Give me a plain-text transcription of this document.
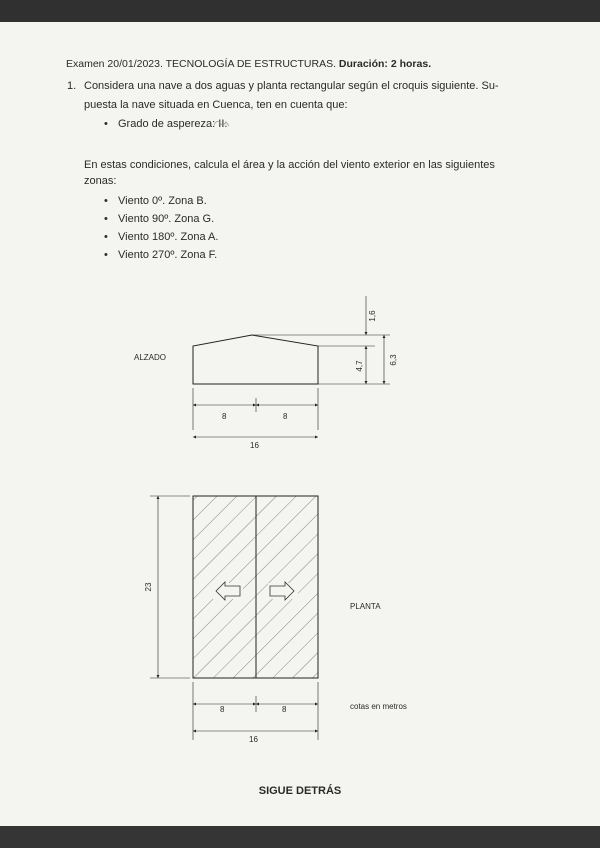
Examen 20/01/2023. TECNOLOGÍA DE ESTRUCTURAS. Duración: 2 horas.
1. Considera una nave a dos aguas y planta rectangular según el croquis siguiente. Su-
puesta la nave situada en Cuenca, ten en cuenta que:
• Grado de aspereza: II.
En estas condiciones, calcula el área y la acción del viento exterior en las siguientes
zonas:
• Viento 0º. Zona B.
• Viento 90º. Zona G.
• Viento 180º. Zona A.
• Viento 270º. Zona F.
ALZADO
8	8
16
1,6
4,7
6,3
23
PLANTA
8	8
16
cotas en metros
SIGUE DETRÁS
